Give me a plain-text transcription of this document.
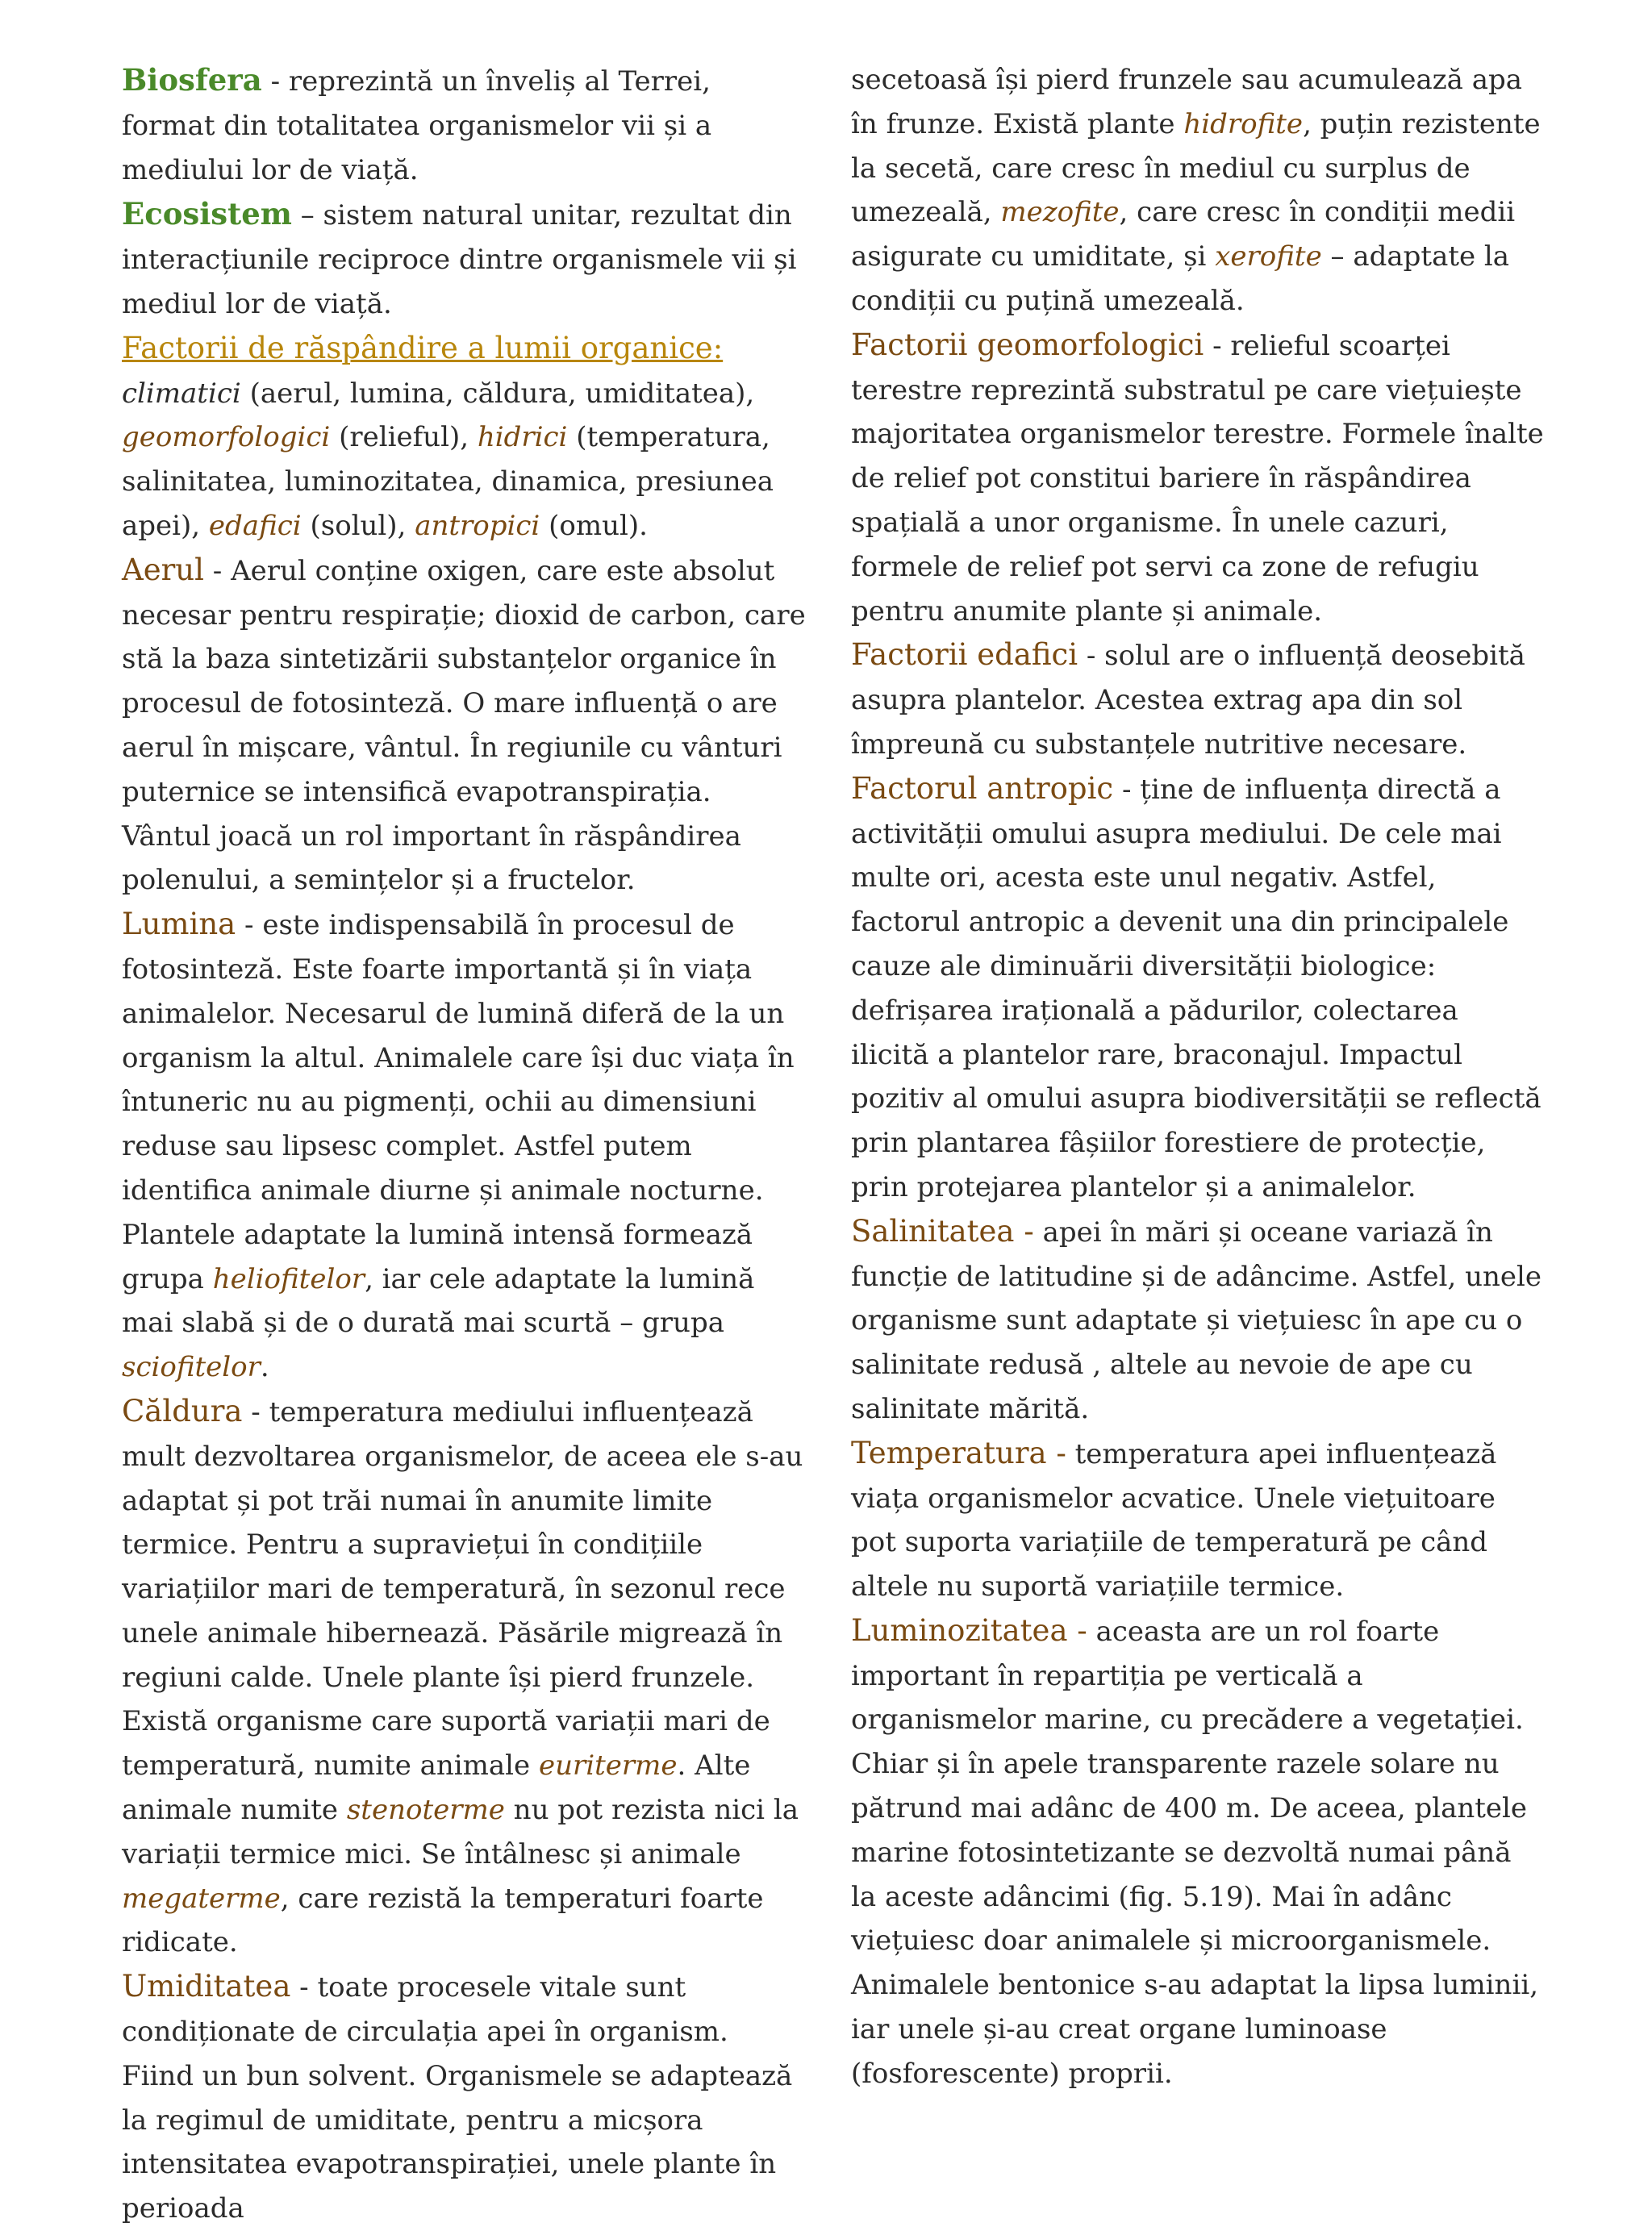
Biosfera - reprezintă un înveliș al Terrei, format din totalitatea organismelor vii și a mediului lor de viață.

Ecosistem – sistem natural unitar, rezultat din interacțiunile reciproce dintre organismele vii și mediul lor de viață.

Factorii de răspândire a lumii organice: climatici (aerul, lumina, căldura, umiditatea), geomorfologici (relieful), hidrici (temperatura, salinitatea, luminozitatea, dinamica, presiunea apei), edafici (solul), antropici (omul).

Aerul - Aerul conține oxigen, care este absolut necesar pentru respirație; dioxid de carbon, care stă la baza sintetizării substanțelor organice în procesul de fotosinteză. O mare influență o are aerul în mișcare, vântul. În regiunile cu vânturi puternice se intensifică evapotranspirația. Vântul joacă un rol important în răspândirea polenului, a semințelor și a fructelor.

Lumina - este indispensabilă în procesul de fotosinteză. Este foarte importantă și în viața animalelor. Necesarul de lumină diferă de la un organism la altul. Animalele care își duc viața în întuneric nu au pigmenți, ochii au dimensiuni reduse sau lipsesc complet. Astfel putem identifica animale diurne și animale nocturne. Plantele adaptate la lumină intensă formează grupa heliofitelor, iar cele adaptate la lumină mai slabă și de o durată mai scurtă – grupa sciofitelor.

Căldura - temperatura mediului influențează mult dezvoltarea organismelor, de aceea ele s-au adaptat și pot trăi numai în anumite limite termice. Pentru a supraviețui în condițiile variațiilor mari de temperatură, în sezonul rece unele animale hibernează. Păsările migrează în regiuni calde. Unele plante își pierd frunzele. Există organisme care suportă variații mari de temperatură, numite animale euriterme. Alte animale numite stenoterme nu pot rezista nici la variații termice mici. Se întâlnesc și animale megaterme, care rezistă la temperaturi foarte ridicate.

Umiditatea - toate procesele vitale sunt condiționate de circulația apei în organism. Fiind un bun solvent. Organismele se adaptează la regimul de umiditate, pentru a micșora intensitatea evapotranspirației, unele plante în perioada

secetoasă își pierd frunzele sau acumulează apa în frunze. Există plante hidrofite, puțin rezistente la secetă, care cresc în mediul cu surplus de umezeală, mezofite, care cresc în condiții medii asigurate cu umiditate, și xerofite – adaptate la condiții cu puțină umezeală.

Factorii geomorfologici - relieful scoarței terestre reprezintă substratul pe care viețuiește majoritatea organismelor terestre. Formele înalte de relief pot constitui bariere în răspândirea spațială a unor organisme. În unele cazuri, formele de relief pot servi ca zone de refugiu pentru anumite plante și animale.

Factorii edafici - solul are o influență deosebită asupra plantelor. Acestea extrag apa din sol împreună cu substanțele nutritive necesare.

Factorul antropic - ține de influența directă a activității omului asupra mediului. De cele mai multe ori, acesta este unul negativ. Astfel, factorul antropic a devenit una din principalele cauze ale diminuării diversității biologice: defrișarea irațională a pădurilor, colectarea ilicită a plantelor rare, braconajul. Impactul pozitiv al omului asupra biodiversității se reflectă prin plantarea fâșiilor forestiere de protecție, prin protejarea plantelor și a animalelor.

Salinitatea - apei în mări și oceane variază în funcție de latitudine și de adâncime. Astfel, unele organisme sunt adaptate și viețuiesc în ape cu o salinitate redusă , altele au nevoie de ape cu salinitate mărită.

Temperatura - temperatura apei influențează viața organismelor acvatice. Unele viețuitoare pot suporta variațiile de temperatură pe când altele nu suportă variațiile termice.

Luminozitatea - aceasta are un rol foarte important în repartiția pe verticală a organismelor marine, cu precădere a vegetației. Chiar și în apele transparente razele solare nu pătrund mai adânc de 400 m. De aceea, plantele marine fotosintetizante se dezvoltă numai până la aceste adâncimi (fig. 5.19). Mai în adânc viețuiesc doar animalele și microorganismele. Animalele bentonice s-au adaptat la lipsa luminii, iar unele și-au creat organe luminoase (fosforescente) proprii.
